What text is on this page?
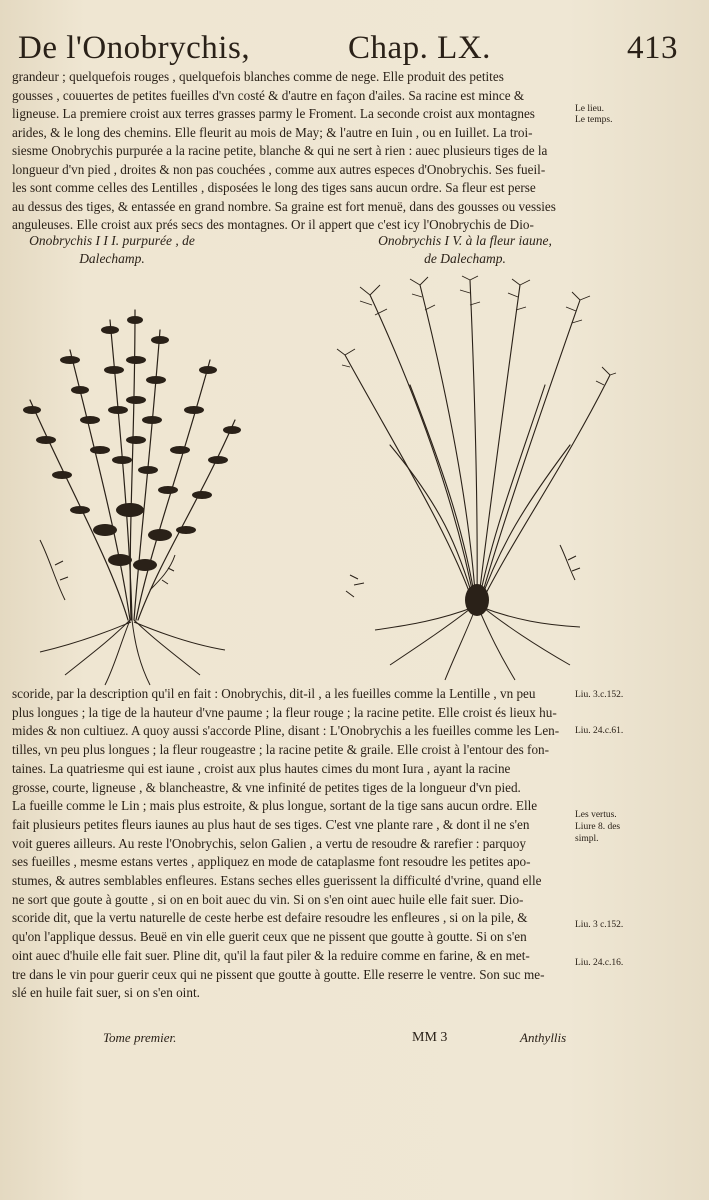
De l'Onobrychis,	Chap. LX.	413

grandeur ; quelquefois rouges , quelquefois blanches comme de nege. Elle produit des petites

gousses , couuertes de petites fueilles d'vn costé & d'autre en façon d'ailes. Sa racine est mince &

ligneuse. La premiere croist aux terres grasses parmy le Froment. La seconde croist aux montagnes

arides, & le long des chemins. Elle fleurit au mois de May; & l'autre en Iuin , ou en Iuillet. La troi-

siesme Onobrychis purpurée a la racine petite, blanche & qui ne sert à rien : auec plusieurs tiges de la

longueur d'vn pied , droites & non pas couchées , comme aux autres especes d'Onobrychis. Ses fueil-

les sont comme celles des Lentilles , disposées le long des tiges sans aucun ordre. Sa fleur est perse

au dessus des tiges, & entassée en grand nombre. Sa graine est fort menuë, dans des gousses ou vessies

anguleuses. Elle croist aux prés secs des montagnes. Or il appert que c'est icy l'Onobrychis de Dio-

Le lieu.
Le temps.
Onobrychis I I I. purpurée , de
Dalechamp.
Onobrychis I V. à la fleur iaune,
de Dalechamp.

scoride, par la description qu'il en fait : Onobrychis, dit-il , a les fueilles comme la Lentille , vn peu

plus longues ; la tige de la hauteur d'vne paume ; la fleur rouge ; la racine petite. Elle croist és lieux hu-

mides & non cultiuez. A quoy aussi s'accorde Pline, disant : L'Onobrychis a les fueilles comme les Len-

tilles, vn peu plus longues ; la fleur rougeastre ; la racine petite & graile. Elle croist à l'entour des fon-

taines. La quatriesme qui est iaune , croist aux plus hautes cimes du mont Iura , ayant la racine

grosse, courte, ligneuse , & blancheastre, & vne infinité de petites tiges de la longueur d'vn pied.

La fueille comme le Lin ; mais plus estroite, & plus longue, sortant de la tige sans aucun ordre. Elle

fait plusieurs petites fleurs iaunes au plus haut de ses tiges. C'est vne plante rare , & dont il ne s'en

voit gueres ailleurs. Au reste l'Onobrychis, selon Galien , a vertu de resoudre & rarefier : parquoy

ses fueilles , mesme estans vertes , appliquez en mode de cataplasme font resoudre les petites apo-

stumes, & autres semblables enfleures. Estans seches elles guerissent la difficulté d'vrine, quand elle

ne sort que goute à goutte , si on en boit auec du vin. Si on s'en oint auec huile elle fait suer. Dio-

scoride dit, que la vertu naturelle de ceste herbe est defaire resoudre les enfleures , si on la pile, &

qu'on l'applique dessus. Beuë en vin elle guerit ceux que ne pissent que goutte à goutte. Si on s'en

oint auec d'huile elle fait suer. Pline dit, qu'il la faut piler & la reduire comme en farine, & en met-

tre dans le vin pour guerir ceux qui ne pissent que goutte à goutte. Elle reserre le ventre. Son suc me-

slé en huile fait suer, si on s'en oint.

Liu. 3.c.152.
Liu. 24.c.61.
Les vertus.
Liure 8. des
simpl.
Liu. 3 c.152.
Liu. 24.c.16.
Tome premier.	MM 3	Anthyllis
